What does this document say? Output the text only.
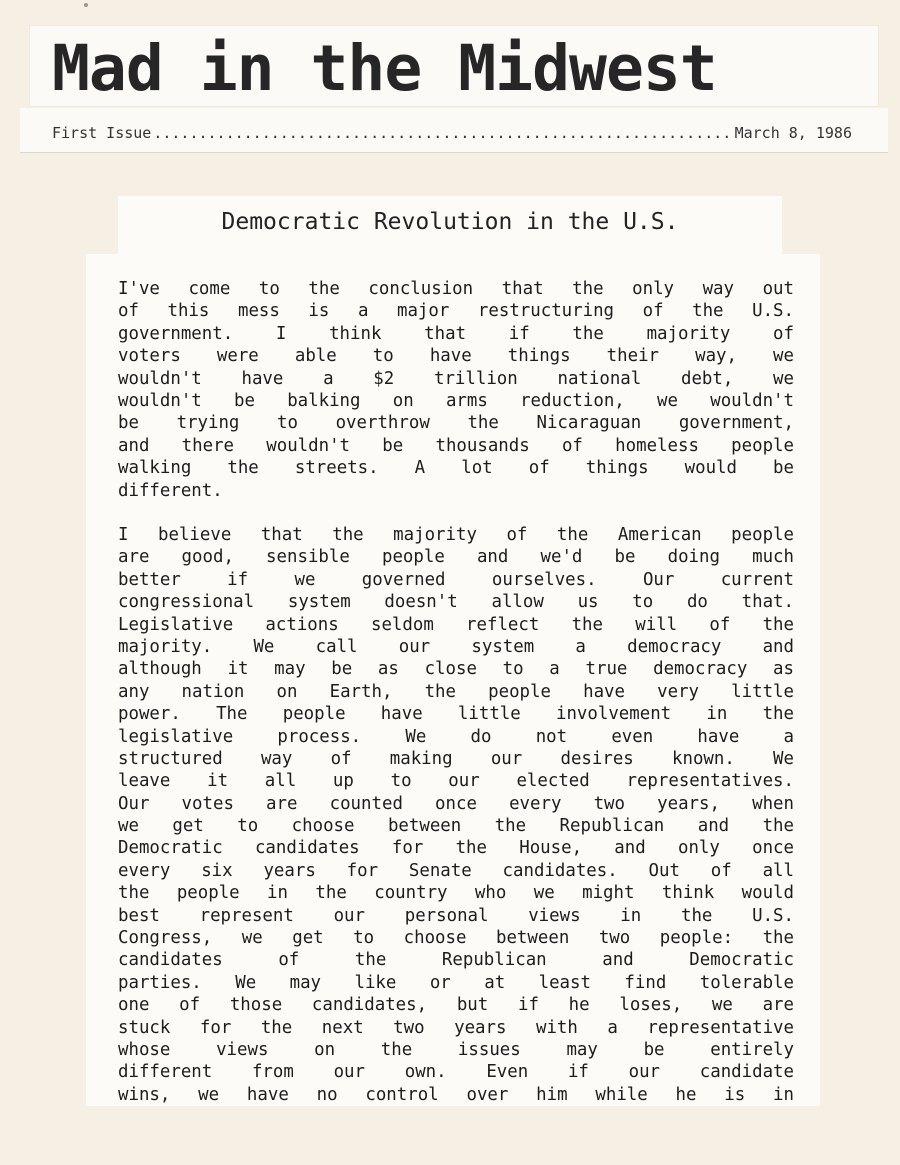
Mad in the Midwest
First Issue
.....	March 8, 1986
Democratic Revolution in the U.S.
I've come to the conclusion that the only way out
of this mess is a major restructuring of the U.S.
government. I think that if the majority of
voters were able to have things their way, we
wouldn't have a $2 trillion national debt, we
wouldn't be balking on arms reduction, we wouldn't
be trying to overthrow the Nicaraguan government,
and there wouldn't be thousands of homeless people
walking the streets. A lot of things would be
different.
I believe that the majority of the American people
are good, sensible people and we'd be doing much
better if we governed ourselves. Our current
congressional system doesn't allow us to do that.
Legislative actions seldom reflect the will of the
majority. We call our system a democracy and
although it may be as close to a true democracy as
any nation on Earth, the people have very little
power. The people have little involvement in the
legislative process. We do not even have a
structured way of making our desires known. We
leave it all up to our elected representatives.
Our votes are counted once every two years, when
we get to choose between the Republican and the
Democratic candidates for the House, and only once
every six years for Senate candidates. Out of all
the people in the country who we might think would
best represent our personal views in the U.S.
Congress, we get to choose between two people: the
candidates of the Republican and Democratic
parties. We may like or at least find tolerable
one of those candidates, but if he loses, we are
stuck for the next two years with a representative
whose views on the issues may be entirely
different from our own. Even if our candidate
wins, we have no control over him while he is in
